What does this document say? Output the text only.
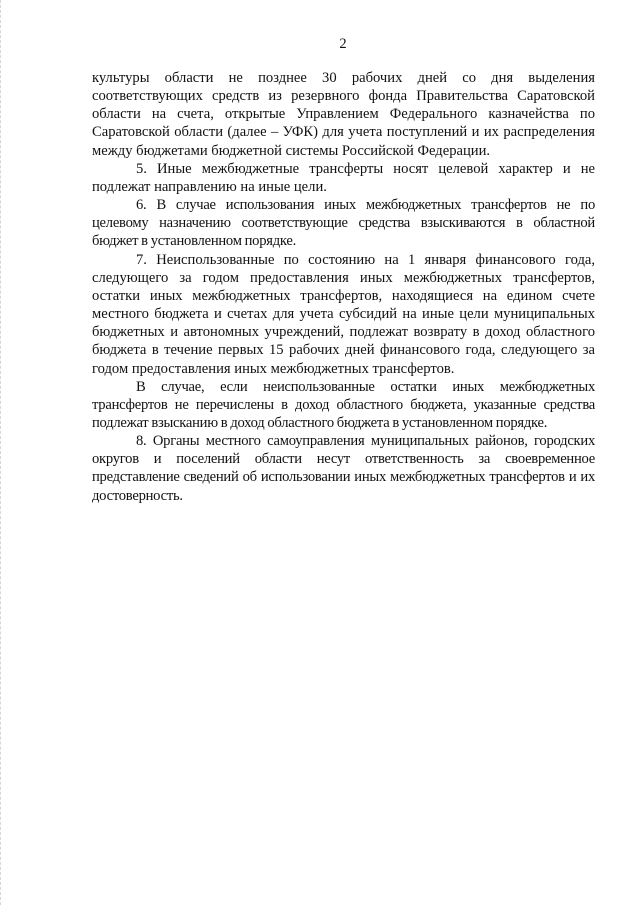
2

культуры области не позднее 30 рабочих дней со дня выделения соответствующих средств из резервного фонда Правительства Саратовской области на счета, открытые Управлением Федерального казначейства по Саратовской области (далее – УФК) для учета поступлений и их распределения между бюджетами бюджетной системы Российской Федерации.

5. Иные межбюджетные трансферты носят целевой характер и не подлежат направлению на иные цели.

6. В случае использования иных межбюджетных трансфертов не по целевому назначению соответствующие средства взыскиваются в областной бюджет в установленном порядке.

7. Неиспользованные по состоянию на 1 января финансового года, следующего за годом предоставления иных межбюджетных трансфертов, остатки иных межбюджетных трансфертов, находящиеся на едином счете местного бюджета и счетах для учета субсидий на иные цели муниципальных бюджетных и автономных учреждений, подлежат возврату в доход областного бюджета в течение первых 15 рабочих дней финансового года, следующего за годом предоставления иных межбюджетных трансфертов.

В случае, если неиспользованные остатки иных межбюджетных трансфертов не перечислены в доход областного бюджета, указанные средства подлежат взысканию в доход областного бюджета в установленном порядке.

8. Органы местного самоуправления муниципальных районов, городских округов и поселений области несут ответственность за своевременное представление сведений об использовании иных межбюджетных трансфертов и их достоверность.
